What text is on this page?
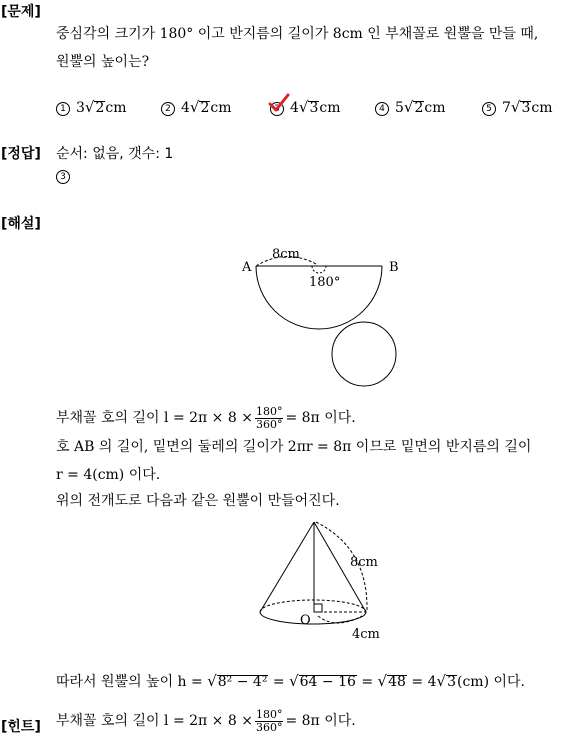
[문제]
중심각의 크기가 180° 이고 반지름의 길이가 8cm 인 부채꼴로 원뿔을 만들 때,
원뿔의 높이는?
1 3√2cm	2 4√2cm	3 4√3cm	4 5√2cm	5 7√3cm
[정답] 순서: 없음, 갯수: 1
3
[해설]
A	B
8cm
180°
부채꼴 호의 길이 $l = 2\pi \times 8 \times \frac{180^\circ}{360^\circ} = 8\pi$ 이다.
호 AB 의 길이, 밑면의 둘레의 길이가 2πr = 8π 이므로 밑면의 반지름의 길이
r = 4(cm) 이다.
위의 전개도로 다음과 같은 원뿔이 만들어진다.
8cm
O
4cm
따라서 원뿔의 높이 h = √8² − 4² = √64 − 16 = √48 = 4√3(cm) 이다.
[힌트] 부채꼴 호의 길이 $l = 2\pi \times 8 \times \frac{180^\circ}{360^\circ} = 8\pi$ 이다.
